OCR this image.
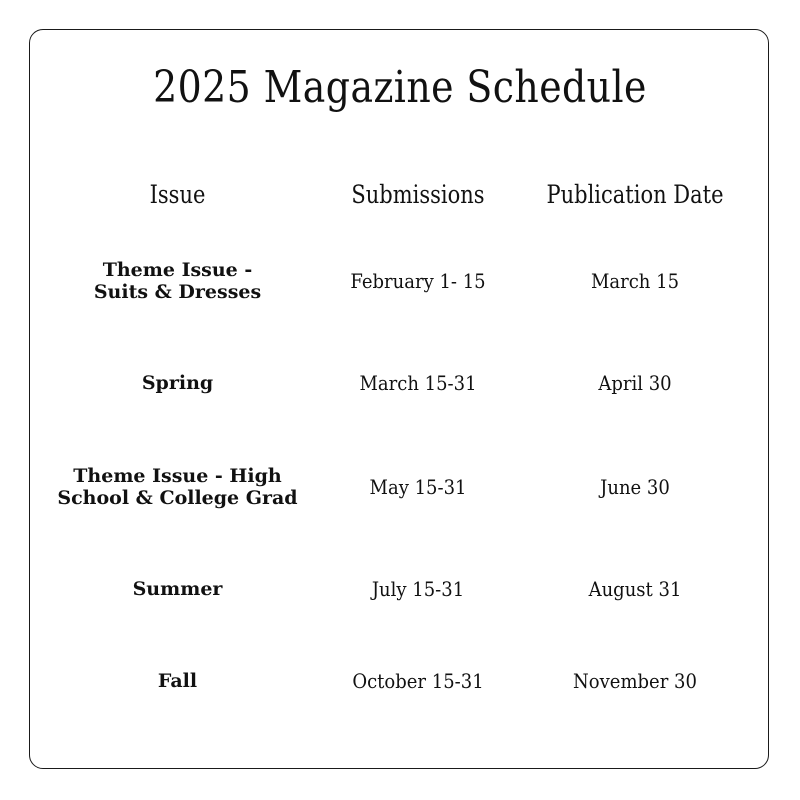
2025 Magazine Schedule
Issue	Submissions	Publication Date
Theme Issue -
Suits & Dresses	February 1- 15	March 15
Spring	March 15-31	April 30
Theme Issue - High
School & College Grad	May 15-31	June 30
Summer	July 15-31	August 31
Fall	October 15-31	November 30
